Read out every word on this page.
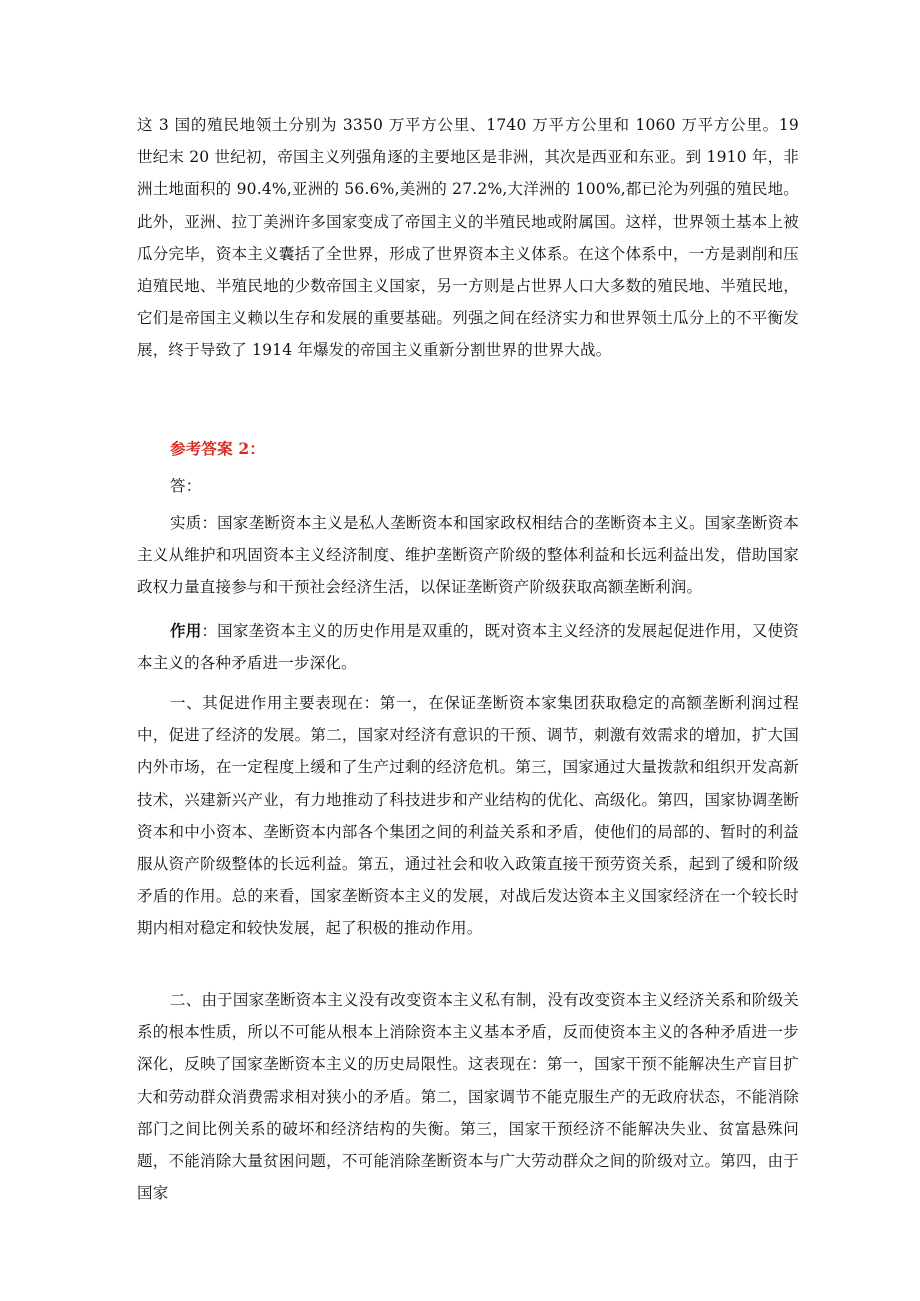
这 3 国的殖民地领土分别为 3350 万平方公里、1740 万平方公里和 1060 万平方公里。19 世纪末 20 世纪初，帝国主义列强角逐的主要地区是非洲，其次是西亚和东亚。到 1910 年，非洲土地面积的 90.4%,亚洲的 56.6%,美洲的 27.2%,大洋洲的 100%,都已沦为列强的殖民地。此外，亚洲、拉丁美洲许多国家变成了帝国主义的半殖民地或附属国。这样，世界领土基本上被瓜分完毕，资本主义囊括了全世界，形成了世界资本主义体系。在这个体系中，一方是剥削和压迫殖民地、半殖民地的少数帝国主义国家，另一方则是占世界人口大多数的殖民地、半殖民地，它们是帝国主义赖以生存和发展的重要基础。列强之间在经济实力和世界领土瓜分上的不平衡发展，终于导致了 1914 年爆发的帝国主义重新分割世界的世界大战。

参考答案 2：

答：

实质：国家垄断资本主义是私人垄断资本和国家政权相结合的垄断资本主义。国家垄断资本主义从维护和巩固资本主义经济制度、维护垄断资产阶级的整体利益和长远利益出发，借助国家政权力量直接参与和干预社会经济生活，以保证垄断资产阶级获取高额垄断利润。

作用：国家垄资本主义的历史作用是双重的，既对资本主义经济的发展起促进作用，又使资本主义的各种矛盾进一步深化。

一、其促进作用主要表现在：第一，在保证垄断资本家集团获取稳定的高额垄断利润过程中，促进了经济的发展。第二，国家对经济有意识的干预、调节，刺激有效需求的增加，扩大国内外市场，在一定程度上缓和了生产过剩的经济危机。第三，国家通过大量拨款和组织开发高新技术，兴建新兴产业，有力地推动了科技进步和产业结构的优化、高级化。第四，国家协调垄断资本和中小资本、垄断资本内部各个集团之间的利益关系和矛盾，使他们的局部的、暂时的利益服从资产阶级整体的长远利益。第五，通过社会和收入政策直接干预劳资关系，起到了缓和阶级矛盾的作用。总的来看，国家垄断资本主义的发展，对战后发达资本主义国家经济在一个较长时期内相对稳定和较快发展，起了积极的推动作用。

二、由于国家垄断资本主义没有改变资本主义私有制，没有改变资本主义经济关系和阶级关系的根本性质，所以不可能从根本上消除资本主义基本矛盾，反而使资本主义的各种矛盾进一步深化，反映了国家垄断资本主义的历史局限性。这表现在：第一，国家干预不能解决生产盲目扩大和劳动群众消费需求相对狭小的矛盾。第二，国家调节不能克服生产的无政府状态，不能消除部门之间比例关系的破坏和经济结构的失衡。第三，国家干预经济不能解决失业、贫富悬殊问题，不能消除大量贫困问题，不可能消除垄断资本与广大劳动群众之间的阶级对立。第四，由于国家
